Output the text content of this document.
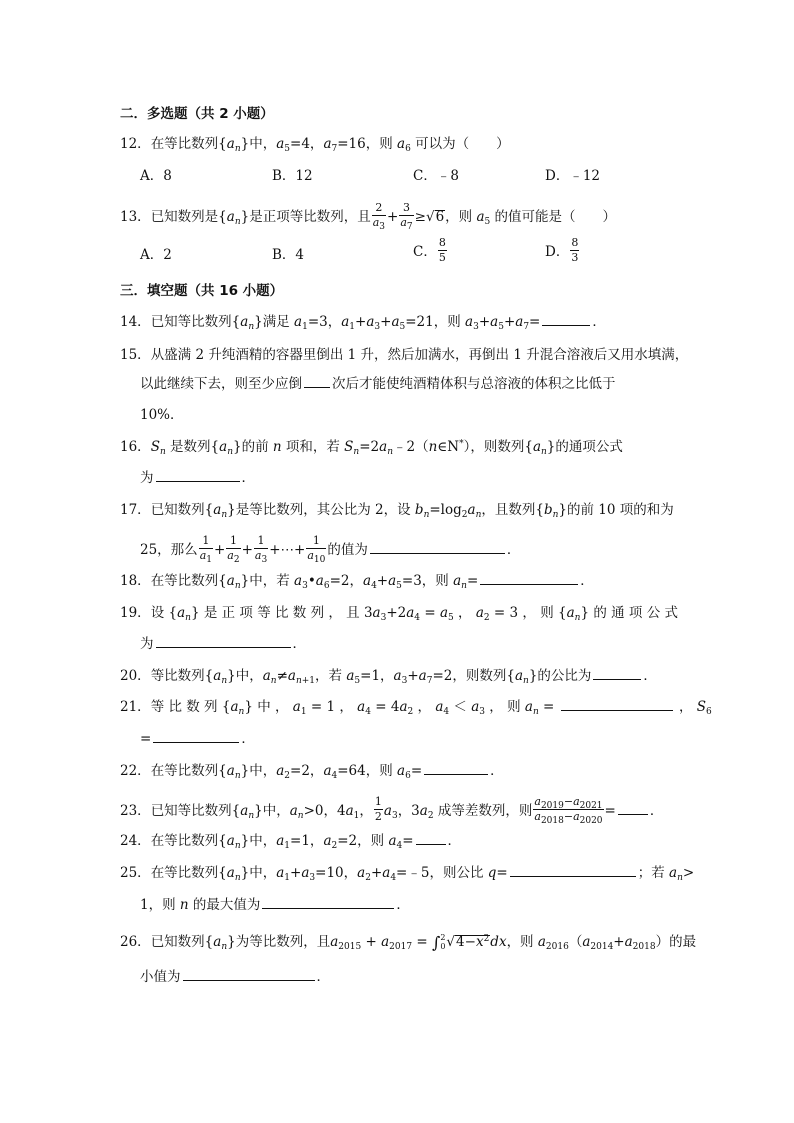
二．多选题（共 2 小题）
12．在等比数列$\{a_n\}$中，$a_5=4$，$a_7=16$，则 $a_6$ 可以为（　　）
A．8	B．12	C．﹣8	D．﹣12
13．已知数列是$\{a_n\}$是正项等比数列，且 $\frac{2}{a_3} + \frac{3}{a_7} \ge√6$，则 $a_5$ 的值可能是（　　）
A．2	B．4	C． $\frac{8}{5}$	D． $\frac{8}{3}$
三．填空题（共 16 小题）
14．已知等比数列$\{a_n\}$满足 $a_1=3$，$a_1+a_3+a_5=21$，则 $a_3+a_5+a_7=$	．
15．从盛满 2 升纯酒精的容器里倒出 1 升，然后加满水，再倒出 1 升混合溶液后又用水填满，
以此继续下去，则至少应倒 次后才能使纯酒精体积与总溶液的体积之比低于
10%．
16．$S_n$ 是数列$\{a_n\}$的前 n 项和，若 $S_n=2a_n﹣2(n\in N^*)$，则数列$\{a_n\}$的通项公式
为	．
17．已知数列$\{a_n\}$是等比数列，其公比为 2，设 $b_n=\log_2a_n$，且数列$\{b_n\}$的前 10 项的和为
25，那么 $\frac{1}{a_1} + \frac{1}{a_2} + \frac{1}{a_3}$ +⋯+ $\frac{1}{a_{10}}$ 的值为	．
18．在等比数列$\{a_n\}$中，若 $a_3•a_6=2$，$a_4+a_5=3$，则 $a_n=$	．
19．设 $\{a_n\}$ 是 正 项 等 比 数 列 ， 且 $3a_3+2a_4 = a_5$ ， $a_2 = 3$ ， 则 $\{a_n\}$ 的 通 项 公 式
为	．
20．等比数列$\{a_n\}$中，$a_n\ne a_{n+1}$，若 $a_5=1$，$a_3+a_7=2$，则数列$\{a_n\}$的公比为	．
21．等 比 数 列 $\{a_n\}$ 中 ， $a_1 = 1$ ， $a_4 = 4a_2$ ， $a_4 < a_3$ ， 则 $a_n$ =	， $S_6$
=	．
22．在等比数列$\{a_n\}$中，$a_2=2$，$a_4=64$，则 $a_6=$	．
23．已知等比数列$\{a_n\}$中，$a_n>0$，$4a_1$， $\frac{1}{2} a_3$，$3a_2$ 成等差数列，则 $\frac{a_{2019}-a_{2021}}{a_{2018}-a_{2020}}$ =	．
24．在等比数列$\{a_n\}$中，$a_1=1$，$a_2=2$，则 $a_4=$	．
25．在等比数列$\{a_n\}$中，$a_1+a_3=10$，$a_2+a_4=﹣5$，则公比 q=	；若 $a_n>$
1，则 n 的最大值为	．
26．已知数列$\{a_n\}$为等比数列，且$a_{2015} + a_{2017}$ = ∫ 2
0 $√4-x^2dx$，则 $a_{2016}(a_{2014}+a_{2018})$的最
小值为	．
